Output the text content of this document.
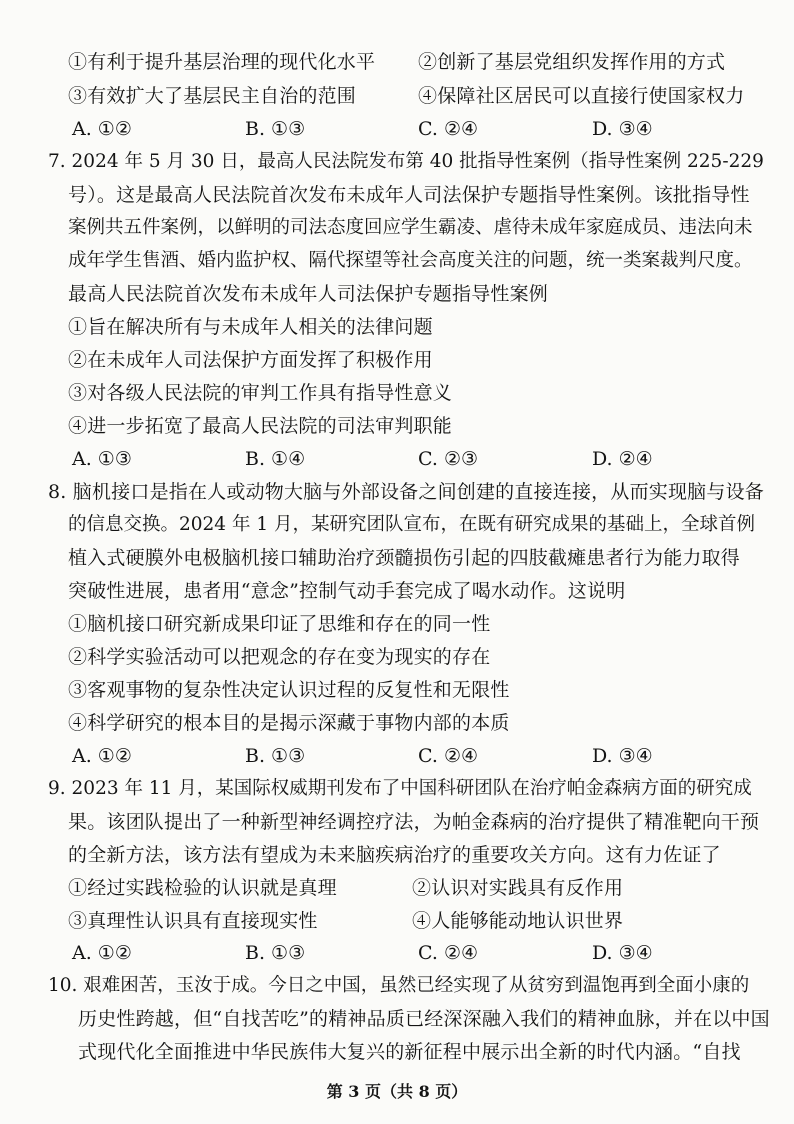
①有利于提升基层治理的现代化水平 ②创新了基层党组织发挥作用的方式
③有效扩大了基层民主自治的范围	④保障社区居民可以直接行使国家权力
A. ①②	B. ①③	C. ②④	D. ③④
7. 2024 年 5 月 30 日，最高人民法院发布第 40 批指导性案例（指导性案例 225-229
号）。这是最高人民法院首次发布未成年人司法保护专题指导性案例。该批指导性
案例共五件案例，以鲜明的司法态度回应学生霸凌、虐待未成年家庭成员、违法向未
成年学生售酒、婚内监护权、隔代探望等社会高度关注的问题，统一类案裁判尺度。
最高人民法院首次发布未成年人司法保护专题指导性案例
①旨在解决所有与未成年人相关的法律问题
②在未成年人司法保护方面发挥了积极作用
③对各级人民法院的审判工作具有指导性意义
④进一步拓宽了最高人民法院的司法审判职能
A. ①③	B. ①④	C. ②③	D. ②④
8. 脑机接口是指在人或动物大脑与外部设备之间创建的直接连接，从而实现脑与设备
的信息交换。2024 年 1 月，某研究团队宣布，在既有研究成果的基础上，全球首例
植入式硬膜外电极脑机接口辅助治疗颈髓损伤引起的四肢截瘫患者行为能力取得
突破性进展，患者用“意念”控制气动手套完成了喝水动作。这说明
①脑机接口研究新成果印证了思维和存在的同一性
②科学实验活动可以把观念的存在变为现实的存在
③客观事物的复杂性决定认识过程的反复性和无限性
④科学研究的根本目的是揭示深藏于事物内部的本质
A. ①②	B. ①③	C. ②④	D. ③④
9. 2023 年 11 月，某国际权威期刊发布了中国科研团队在治疗帕金森病方面的研究成
果。该团队提出了一种新型神经调控疗法，为帕金森病的治疗提供了精准靶向干预
的全新方法，该方法有望成为未来脑疾病治疗的重要攻关方向。这有力佐证了
①经过实践检验的认识就是真理	②认识对实践具有反作用
③真理性认识具有直接现实性	④人能够能动地认识世界
A. ①②	B. ①③	C. ②④	D. ③④
10. 艰难困苦，玉汝于成。今日之中国，虽然已经实现了从贫穷到温饱再到全面小康的
历史性跨越，但“自找苦吃”的精神品质已经深深融入我们的精神血脉，并在以中国
式现代化全面推进中华民族伟大复兴的新征程中展示出全新的时代内涵。“自找
第 3 页（共 8 页）
